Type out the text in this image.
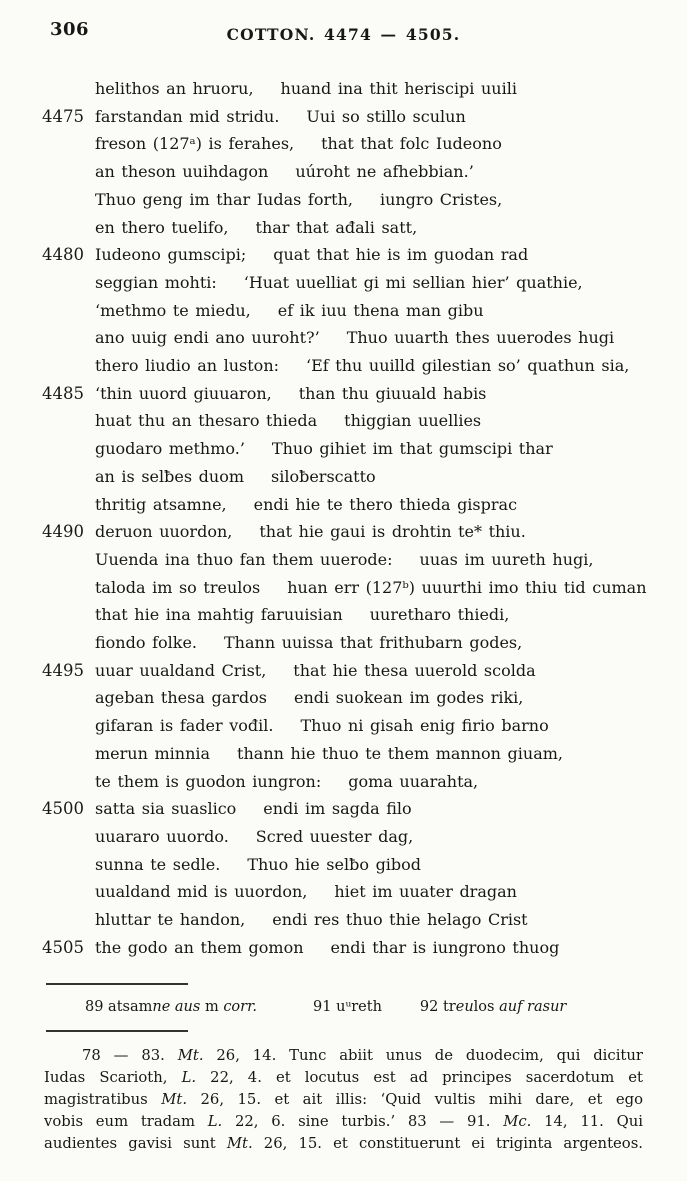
306	COTTON. 4474 — 4505.
helithos an hruoru, huand ina thit heriscipi uuili
4475 farstandan mid stridu. Uui so stillo sculun
freson (127ᵃ) is ferahes, that that folc Iudeono
an theson uuihdagon uúroht ne afhebbian.’
Thuo geng im thar Iudas forth, iungro Cristes,
en thero tuelifo, thar that ađali satt,
4480 Iudeono gumscipi; quat that hie is im guodan rad
seggian mohti: ‘Huat uuelliat gi mi sellian hier’ quathie,
‘methmo te miedu, ef ik iuu thena man gibu
ano uuig endi ano uuroht?’ Thuo uuarth thes uuerodes hugi
thero liudio an luston: ‘Ef thu uuilld gilestian so’ quathun sia,
4485 ‘thin uuord giuuaron, than thu giuuald habis
huat thu an thesaro thieda thiggian uuellies
guodaro methmo.’ Thuo gihiet im that gumscipi thar
an is selƀes duom siloƀerscatto
thritig atsamne, endi hie te thero thieda gisprac
4490 deruon uuordon, that hie gaui is drohtin te* thiu.
Uuenda ina thuo fan them uuerode: uuas im uureth hugi,
taloda im so treulos huan err (127ᵇ) uuurthi imo thiu tid cuman
that hie ina mahtig faruuisian uuretharo thiedi,
fiondo folke. Thann uuissa that frithubarn godes,
4495 uuar uualdand Crist, that hie thesa uuerold scolda
ageban thesa gardos endi suokean im godes riki,
gifaran is fader vođil. Thuo ni gisah enig firio barno
merun minnia thann hie thuo te them mannon giuam,
te them is guodon iungron: goma uuarahta,
4500 satta sia suaslico endi im sagda filo
uuararo uuordo. Scred uuester dag,
sunna te sedle. Thuo hie selƀo gibod
uualdand mid is uuordon, hiet im uuater dragan
hluttar te handon, endi res thuo thie helago Crist
4505 the godo an them gomon endi thar is iungrono thuog
89 atsamne aus m corr.	91 uᵘreth	92 treulos auf rasur
78 — 83. Mt. 26, 14. Tunc abiit unus de duodecim, qui dicitur
Iudas Scarioth, L. 22, 4. et locutus est ad principes sacerdotum et
magistratibus Mt. 26, 15. et ait illis: ‘Quid vultis mihi dare, et ego
vobis eum tradam L. 22, 6. sine turbis.’ 83 — 91. Mc. 14, 11. Qui
audientes gavisi sunt Mt. 26, 15. et constituerunt ei triginta argenteos.
